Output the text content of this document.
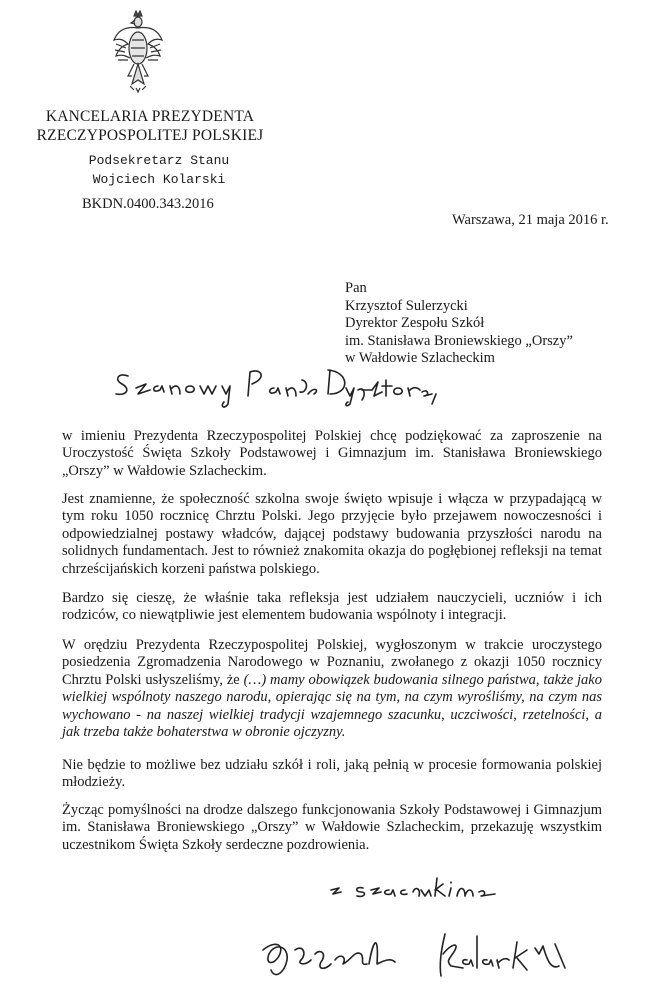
KANCELARIA PREZYDENTA
RZECZYPOSPOLITEJ POLSKIEJ
Podsekretarz Stanu
Wojciech Kolarski
BKDN.0400.343.2016
Warszawa, 21 maja 2016 r.
Pan
Krzysztof Sulerzycki
Dyrektor Zespołu Szkół
im. Stanisława Broniewskiego „Orszy”
w Wałdowie Szlacheckim

w imieniu Prezydenta Rzeczypospolitej Polskiej chcę podziękować za zaproszenie na Uroczystość Święta Szkoły Podstawowej i Gimnazjum im. Stanisława Broniewskiego „Orszy” w Wałdowie Szlacheckim.

Jest znamienne, że społeczność szkolna swoje święto wpisuje i włącza w przypadającą w tym roku 1050 rocznicę Chrztu Polski. Jego przyjęcie było przejawem nowoczesności i odpowiedzialnej postawy władców, dającej podstawy budowania przyszłości narodu na solidnych fundamentach. Jest to również znakomita okazja do pogłębionej refleksji na temat chrześcijańskich korzeni państwa polskiego.

Bardzo się cieszę, że właśnie taka refleksja jest udziałem nauczycieli, uczniów i ich rodziców, co niewątpliwie jest elementem budowania wspólnoty i integracji.

W orędziu Prezydenta Rzeczypospolitej Polskiej, wygłoszonym w trakcie uroczystego posiedzenia Zgromadzenia Narodowego w Poznaniu, zwołanego z okazji 1050 rocznicy Chrztu Polski usłyszeliśmy, że (…) mamy obowiązek budowania silnego państwa, także jako wielkiej wspólnoty naszego narodu, opierając się na tym, na czym wyrośliśmy, na czym nas wychowano - na naszej wielkiej tradycji wzajemnego szacunku, uczciwości, rzetelności, a jak trzeba także bohaterstwa w obronie ojczyzny.

Nie będzie to możliwe bez udziału szkół i roli, jaką pełnią w procesie formowania polskiej młodzieży.

Życząc pomyślności na drodze dalszego funkcjonowania Szkoły Podstawowej i Gimnazjum im. Stanisława Broniewskiego „Orszy” w Wałdowie Szlacheckim, przekazuję wszystkim uczestnikom Święta Szkoły serdeczne pozdrowienia.
